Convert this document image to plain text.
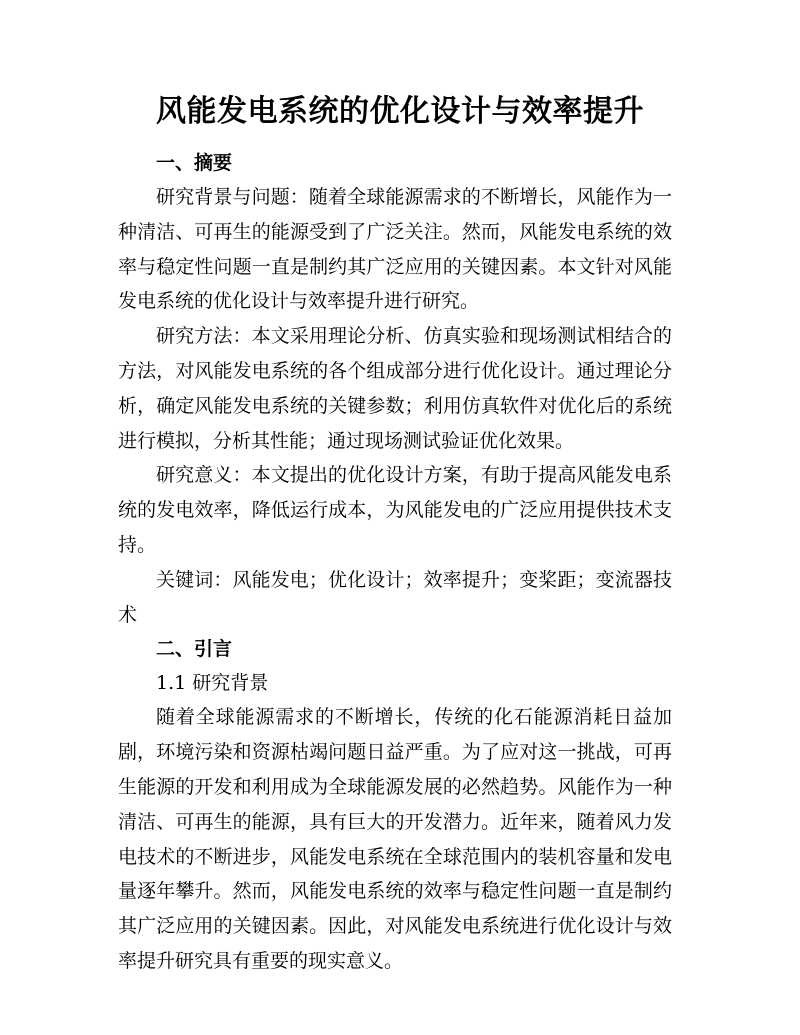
风能发电系统的优化设计与效率提升
一、摘要

研究背景与问题：随着全球能源需求的不断增长，风能作为一种清洁、可再生的能源受到了广泛关注。然而，风能发电系统的效率与稳定性问题一直是制约其广泛应用的关键因素。本文针对风能发电系统的优化设计与效率提升进行研究。

研究方法：本文采用理论分析、仿真实验和现场测试相结合的方法，对风能发电系统的各个组成部分进行优化设计。通过理论分析，确定风能发电系统的关键参数；利用仿真软件对优化后的系统进行模拟，分析其性能；通过现场测试验证优化效果。

研究意义：本文提出的优化设计方案，有助于提高风能发电系统的发电效率，降低运行成本，为风能发电的广泛应用提供技术支持。

关键词：风能发电；优化设计；效率提升；变桨距；变流器技术

二、引言
1.1 研究背景

随着全球能源需求的不断增长，传统的化石能源消耗日益加剧，环境污染和资源枯竭问题日益严重。为了应对这一挑战，可再生能源的开发和利用成为全球能源发展的必然趋势。风能作为一种清洁、可再生的能源，具有巨大的开发潜力。近年来，随着风力发电技术的不断进步，风能发电系统在全球范围内的装机容量和发电量逐年攀升。然而，风能发电系统的效率与稳定性问题一直是制约其广泛应用的关键因素。因此，对风能发电系统进行优化设计与效率提升研究具有重要的现实意义。
